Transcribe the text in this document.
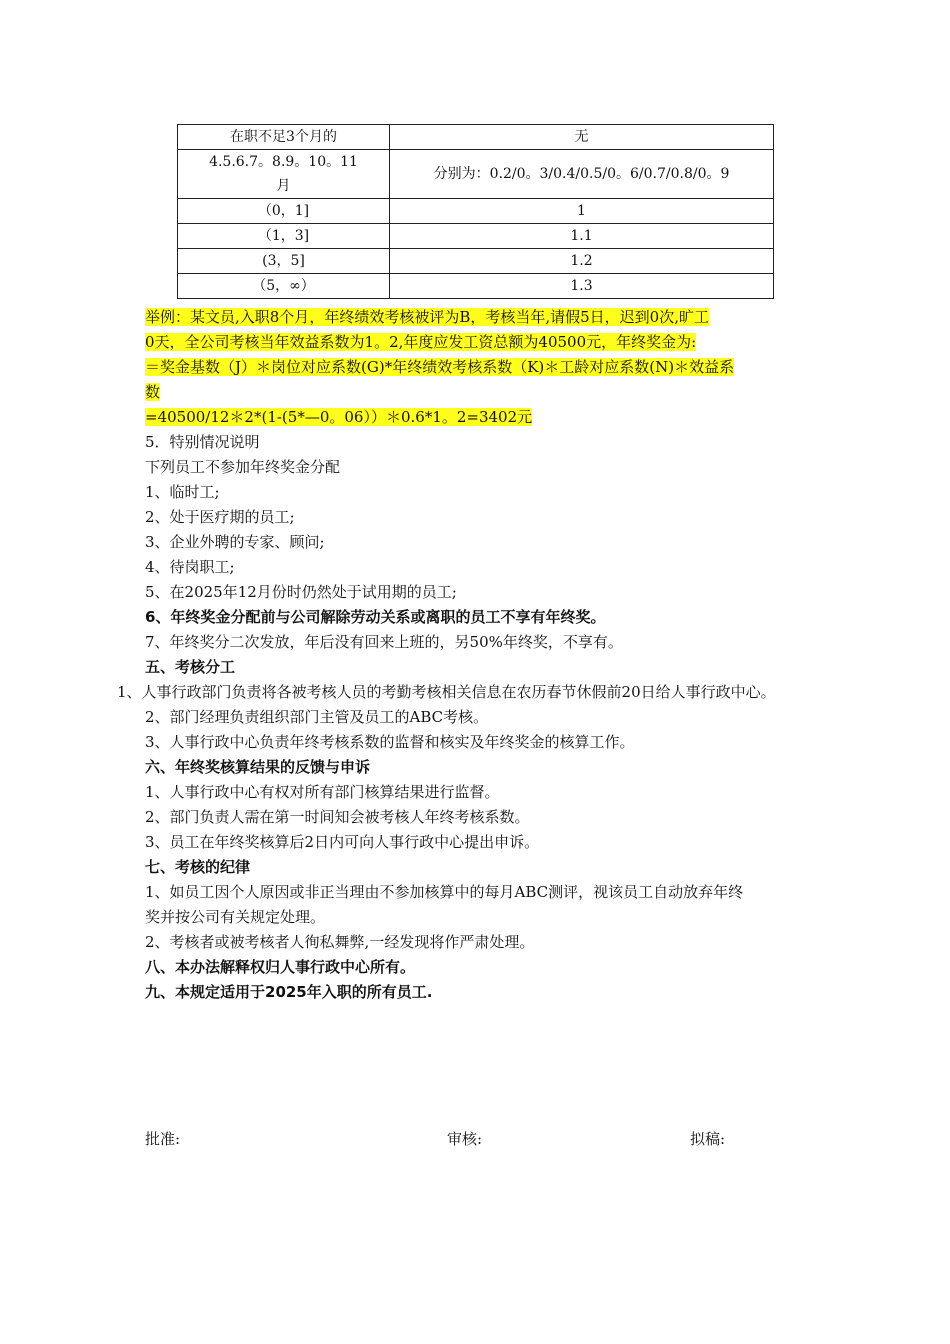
在职不足3个月的	无
4.5.6.7。8.9。10。11
月	分别为：0.2/0。3/0.4/0.5/0。6/0.7/0.8/0。9
（0，1]	1
（1，3]	1.1
(3，5]	1.2
（5，∞）	1.3

举例：某文员,入职8个月，年终绩效考核被评为B，考核当年,请假5日，迟到0次,旷工

0天，全公司考核当年效益系数为1。2,年度应发工资总额为40500元，年终奖金为:

＝奖金基数（J）＊岗位对应系数(G)*年终绩效考核系数（K)＊工龄对应系数(N)＊效益系

数

=40500/12＊2*(1-(5*—0。06））＊0.6*1。2=3402元

5．特别情况说明

下列员工不参加年终奖金分配

1、临时工;

2、处于医疗期的员工;

3、企业外聘的专家、顾问;

4、待岗职工;

5、在2025年12月份时仍然处于试用期的员工;

6、年终奖金分配前与公司解除劳动关系或离职的员工不享有年终奖。

7、年终奖分二次发放，年后没有回来上班的，另50%年终奖，不享有。

五、考核分工

1、人事行政部门负责将各被考核人员的考勤考核相关信息在农历春节休假前20日给人事行政中心。

2、部门经理负责组织部门主管及员工的ABC考核。

3、人事行政中心负责年终考核系数的监督和核实及年终奖金的核算工作。

六、年终奖核算结果的反馈与申诉

1、人事行政中心有权对所有部门核算结果进行监督。

2、部门负责人需在第一时间知会被考核人年终考核系数。

3、员工在年终奖核算后2日内可向人事行政中心提出申诉。

七、考核的纪律

1、如员工因个人原因或非正当理由不参加核算中的每月ABC测评，视该员工自动放弃年终

奖并按公司有关规定处理。

2、考核者或被考核者人徇私舞弊,一经发现将作严肃处理。

八、本办法解释权归人事行政中心所有。

九、本规定适用于2025年入职的所有员工.

批准:	审核:	拟稿:
